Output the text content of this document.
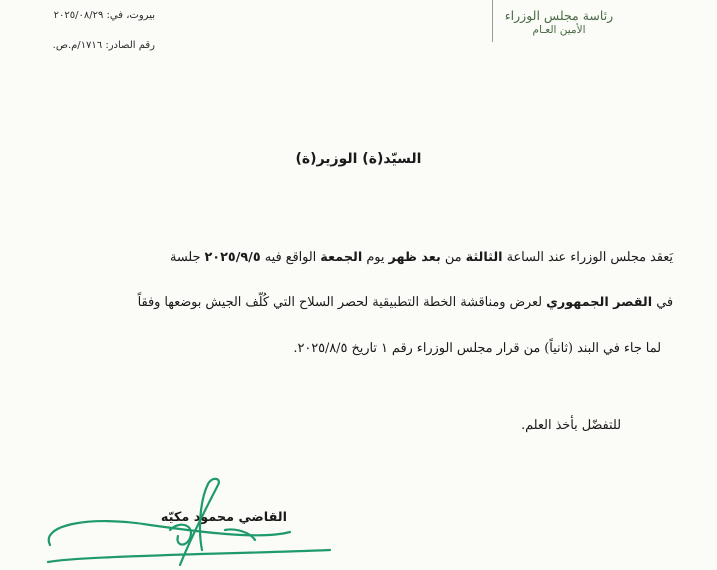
رئاسة مجلس الوزراء
الأمين العـام
بيروت، في: ٢٠٢٥/٠٨/٢٩
رقم الصادر: ١٧١٦/م.ص.
السيّد(ة) الوزير(ة)
يَعقد مجلس الوزراء عند الساعة الثالثة من بعد ظهر يوم الجمعة الواقع فيه ٢٠٢٥/٩/٥ جلسة
في القصر الجمهوري لعرض ومناقشة الخطة التطبيقية لحصر السلاح التي كُلّف الجيش بوضعها وفقاً
لما جاء في البند (ثانياً) من قرار مجلس الوزراء رقم ١ تاريخ ٢٠٢٥/٨/٥.
للتفضّل بأخذ العلم.
القاضي محمود مكيّه
